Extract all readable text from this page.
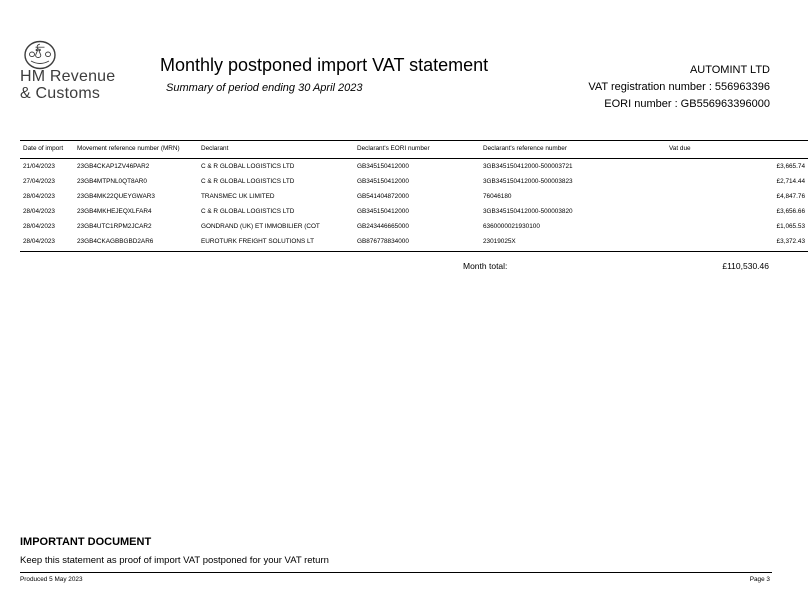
HM Revenue
& Customs
Monthly postponed import VAT statement
Summary of period ending 30 April 2023
AUTOMINT LTD
VAT registration number : 556963396
EORI number : GB556963396000
Date of import	Movement reference number (MRN)	Declarant	Declarant's EORI number	Declarant's reference number	Vat due
21/04/2023	23GB4CKAP1ZV46PAR2	C & R GLOBAL LOGISTICS LTD	GB345150412000	3GB345150412000-500003721	£3,665.74
27/04/2023	23GB4MTPNL0QT8AR0	C & R GLOBAL LOGISTICS LTD	GB345150412000	3GB345150412000-500003823	£2,714.44
28/04/2023	23GB4MK22QUEYGWAR3	TRANSMEC UK LIMITED	GB541404872000	76046180	£4,847.76
28/04/2023	23GB4MKHEJEQXLFAR4	C & R GLOBAL LOGISTICS LTD	GB345150412000	3GB345150412000-500003820	£3,656.66
28/04/2023	23GB4UTC1RPM2JCAR2	GONDRAND (UK) ET IMMOBILIER (COT	GB243446665000	6360000021930100	£1,065.53
28/04/2023	23GB4CKAGBBGBD2AR6	EUROTURK FREIGHT SOLUTIONS LT	GB876778834000	23019025X	£3,372.43
Month total:	£110,530.46
IMPORTANT DOCUMENT
Keep this statement as proof of import VAT postponed for your VAT return
Produced 5 May 2023	Page 3
